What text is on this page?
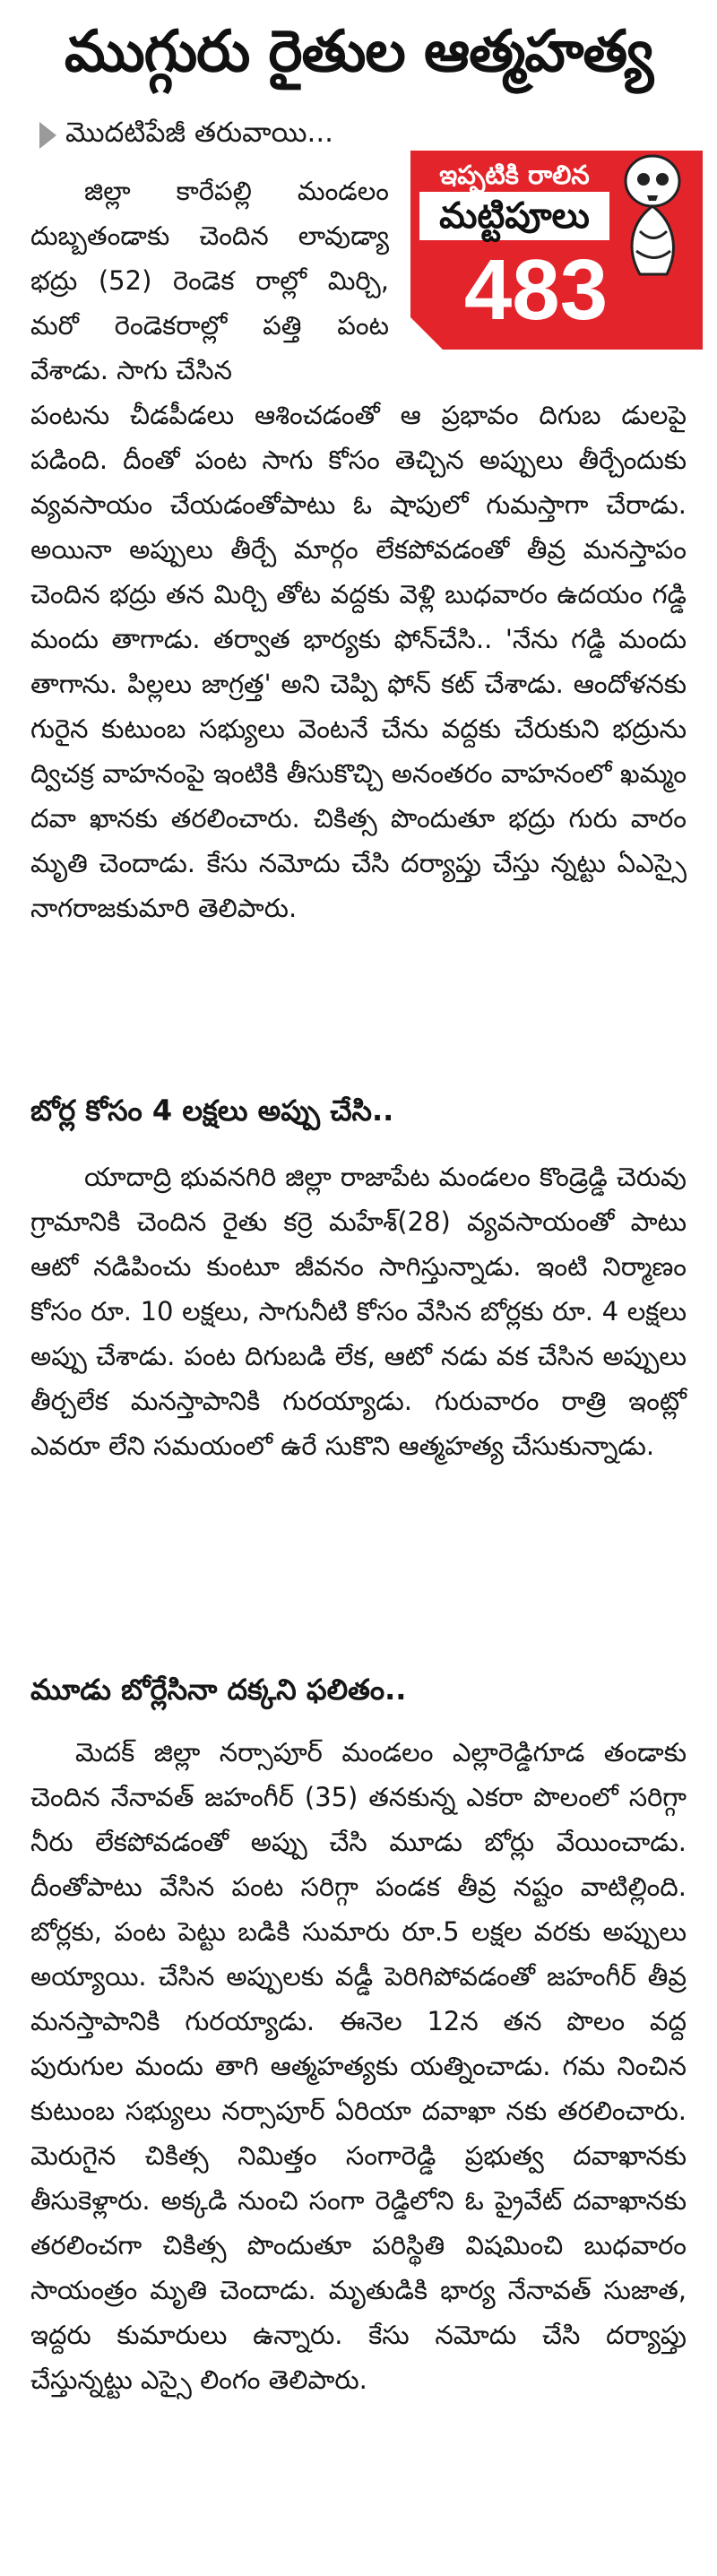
ముగ్గురు రైతుల ఆత్మహత్య
మొదటిపేజీ తరువాయి...
ఇప్పటికి రాలిన
మట్టిపూలు
483

జిల్లా కారేపల్లి మండలం దుబ్బతండాకు చెందిన లావుడ్యా భద్రు (52) రెండెక రాల్లో మిర్చి, మరో రెండెకరాల్లో పత్తి పంట వేశాడు. సాగు చేసిన

పంటను చీడపీడలు ఆశించడంతో ఆ ప్రభావం దిగుబ డులపై పడింది. దీంతో పంట సాగు కోసం తెచ్చిన అప్పులు తీర్చేందుకు వ్యవసాయం చేయడంతోపాటు ఓ షాపులో గుమస్తాగా చేరాడు. అయినా అప్పులు తీర్చే మార్గం లేకపోవడంతో తీవ్ర మనస్తాపం చెందిన భద్రు తన మిర్చి తోట వద్దకు వెళ్లి బుధవారం ఉదయం గడ్డి మందు తాగాడు. తర్వాత భార్యకు ఫోన్‌చేసి.. 'నేను గడ్డి మందు తాగాను. పిల్లలు జాగ్రత్త' అని చెప్పి ఫోన్ కట్ చేశాడు. ఆందోళనకు గురైన కుటుంబ సభ్యులు వెంటనే చేను వద్దకు చేరుకుని భద్రును ద్విచక్ర వాహనంపై ఇంటికి తీసుకొచ్చి అనంతరం వాహనంలో ఖమ్మం దవా ఖానకు తరలించారు. చికిత్స పొందుతూ భద్రు గురు వారం మృతి చెందాడు. కేసు నమోదు చేసి దర్యాప్తు చేస్తు న్నట్టు ఏఎస్సై నాగరాజకుమారి తెలిపారు.

బోర్ల కోసం 4 లక్షలు అప్పు చేసి..

యాదాద్రి భువనగిరి జిల్లా రాజాపేట మండలం కొండ్రెడ్డి చెరువు గ్రామానికి చెందిన రైతు కర్రె మహేశ్(28) వ్యవసాయంతో పాటు ఆటో నడిపించు కుంటూ జీవనం సాగిస్తున్నాడు. ఇంటి నిర్మాణం కోసం రూ. 10 లక్షలు, సాగునీటి కోసం వేసిన బోర్లకు రూ. 4 లక్షలు అప్పు చేశాడు. పంట దిగుబడి లేక, ఆటో నడు వక చేసిన అప్పులు తీర్చలేక మనస్తాపానికి గురయ్యాడు. గురువారం రాత్రి ఇంట్లో ఎవరూ లేని సమయంలో ఉరే సుకొని ఆత్మహత్య చేసుకున్నాడు.

మూడు బోర్లేసినా దక్కని ఫలితం..

మెదక్ జిల్లా నర్సాపూర్ మండలం ఎల్లారెడ్డిగూడ తండాకు చెందిన నేనావత్ జహంగీర్ (35) తనకున్న ఎకరా పొలంలో సరిగ్గా నీరు లేకపోవడంతో అప్పు చేసి మూడు బోర్లు వేయించాడు. దీంతోపాటు వేసిన పంట సరిగ్గా పండక తీవ్ర నష్టం వాటిల్లింది. బోర్లకు, పంట పెట్టు బడికి సుమారు రూ.5 లక్షల వరకు అప్పులు అయ్యాయి. చేసిన అప్పులకు వడ్డీ పెరిగిపోవడంతో జహంగీర్ తీవ్ర మనస్తాపానికి గురయ్యాడు. ఈనెల 12న తన పొలం వద్ద పురుగుల మందు తాగి ఆత్మహత్యకు యత్నించాడు. గమ నించిన కుటుంబ సభ్యులు నర్సాపూర్ ఏరియా దవాఖా నకు తరలించారు. మెరుగైన చికిత్స నిమిత్తం సంగారెడ్డి ప్రభుత్వ దవాఖానకు తీసుకెళ్లారు. అక్కడి నుంచి సంగా రెడ్డిలోని ఓ ప్రైవేట్ దవాఖానకు తరలించగా చికిత్స పొందుతూ పరిస్థితి విషమించి బుధవారం సాయంత్రం మృతి చెందాడు. మృతుడికి భార్య నేనావత్ సుజాత, ఇద్దరు కుమారులు ఉన్నారు. కేసు నమోదు చేసి దర్యాప్తు చేస్తున్నట్టు ఎస్సై లింగం తెలిపారు.
